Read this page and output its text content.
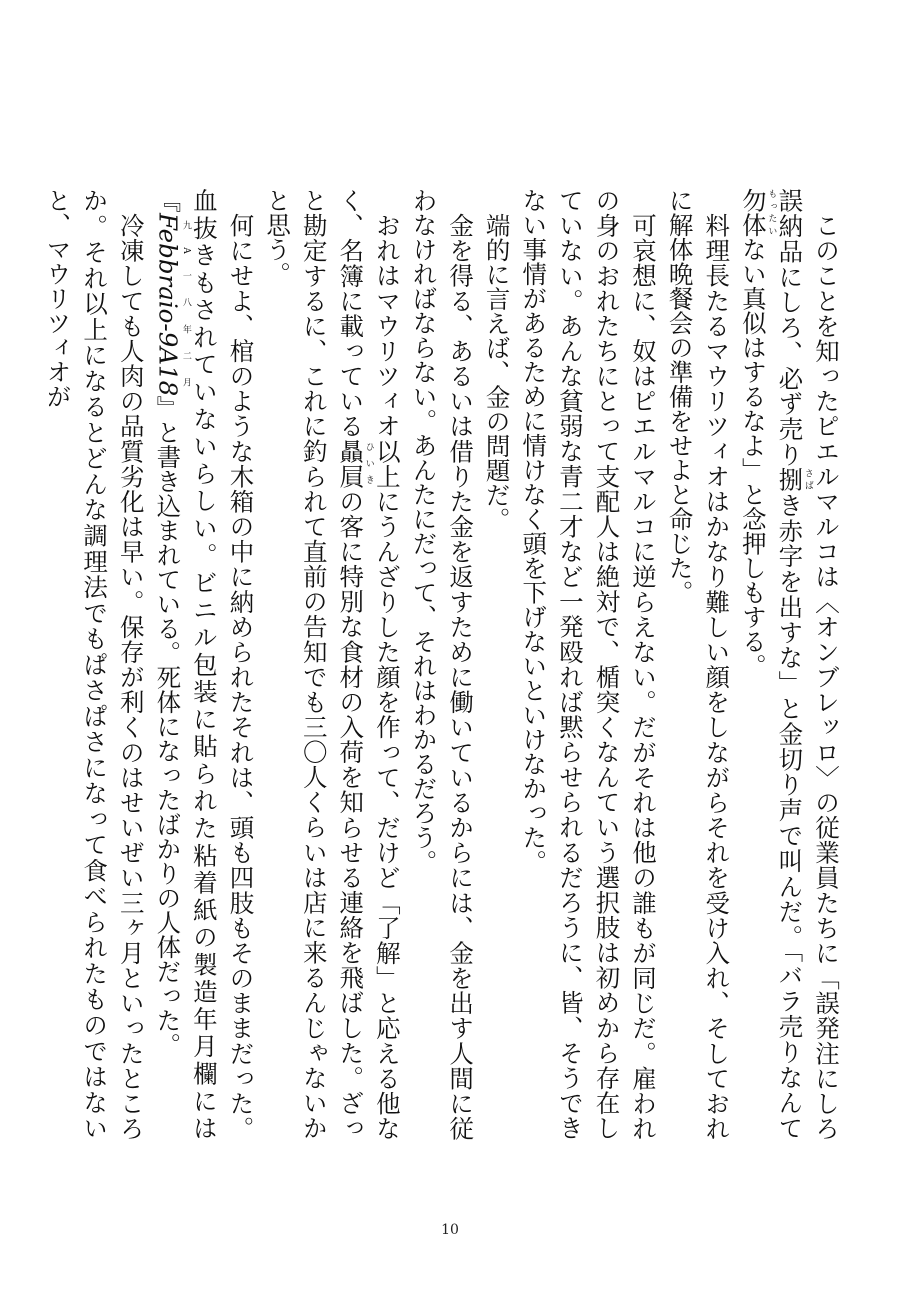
このことを知ったピエルマルコは〈オンブレッロ〉の従業員たちに「誤発注にしろ誤納品にしろ、必ず売り捌さばき赤字を出すな」と金切り声で叫んだ。「バラ売りなんて勿体もったいない真似はするなよ」と念押しもする。

料理長たるマウリツィオはかなり難しい顔をしながらそれを受け入れ、そしておれに解体晩餐会の準備をせよと命じた。

可哀想に、奴はピエルマルコに逆らえない。だがそれは他の誰もが同じだ。雇われの身のおれたちにとって支配人は絶対で、楯突くなんていう選択肢は初めから存在していない。あんな貧弱な青二才など一発殴れば黙らせられるだろうに、皆、そうできない事情があるために情けなく頭を下げないといけなかった。

端的に言えば、金の問題だ。

金を得る、あるいは借りた金を返すために働いているからには、金を出す人間に従わなければならない。あんたにだって、それはわかるだろう。

おれはマウリツィオ以上にうんざりした顔を作って、だけど「了解」と応える他なく、名簿に載っている贔屓ひいきの客に特別な食材の入荷を知らせる連絡を飛ばした。ざっと勘定するに、これに釣られて直前の告知でも三〇人くらいは店に来るんじゃないかと思う。

何にせよ、棺のような木箱の中に納められたそれは、頭も四肢もそのままだった。血抜きもされていないらしい。ビニル包装に貼られた粘着紙の製造年月欄には『Febbraio-9A18九A一八年二月』と書き込まれている。死体になったばかりの人体だった。

冷凍しても人肉の品質劣化は早い。保存が利くのはせいぜい三ヶ月といったところか。それ以上になるとどんな調理法でもぱさぱさになって食べられたものではないと、マウリツィオが

10
